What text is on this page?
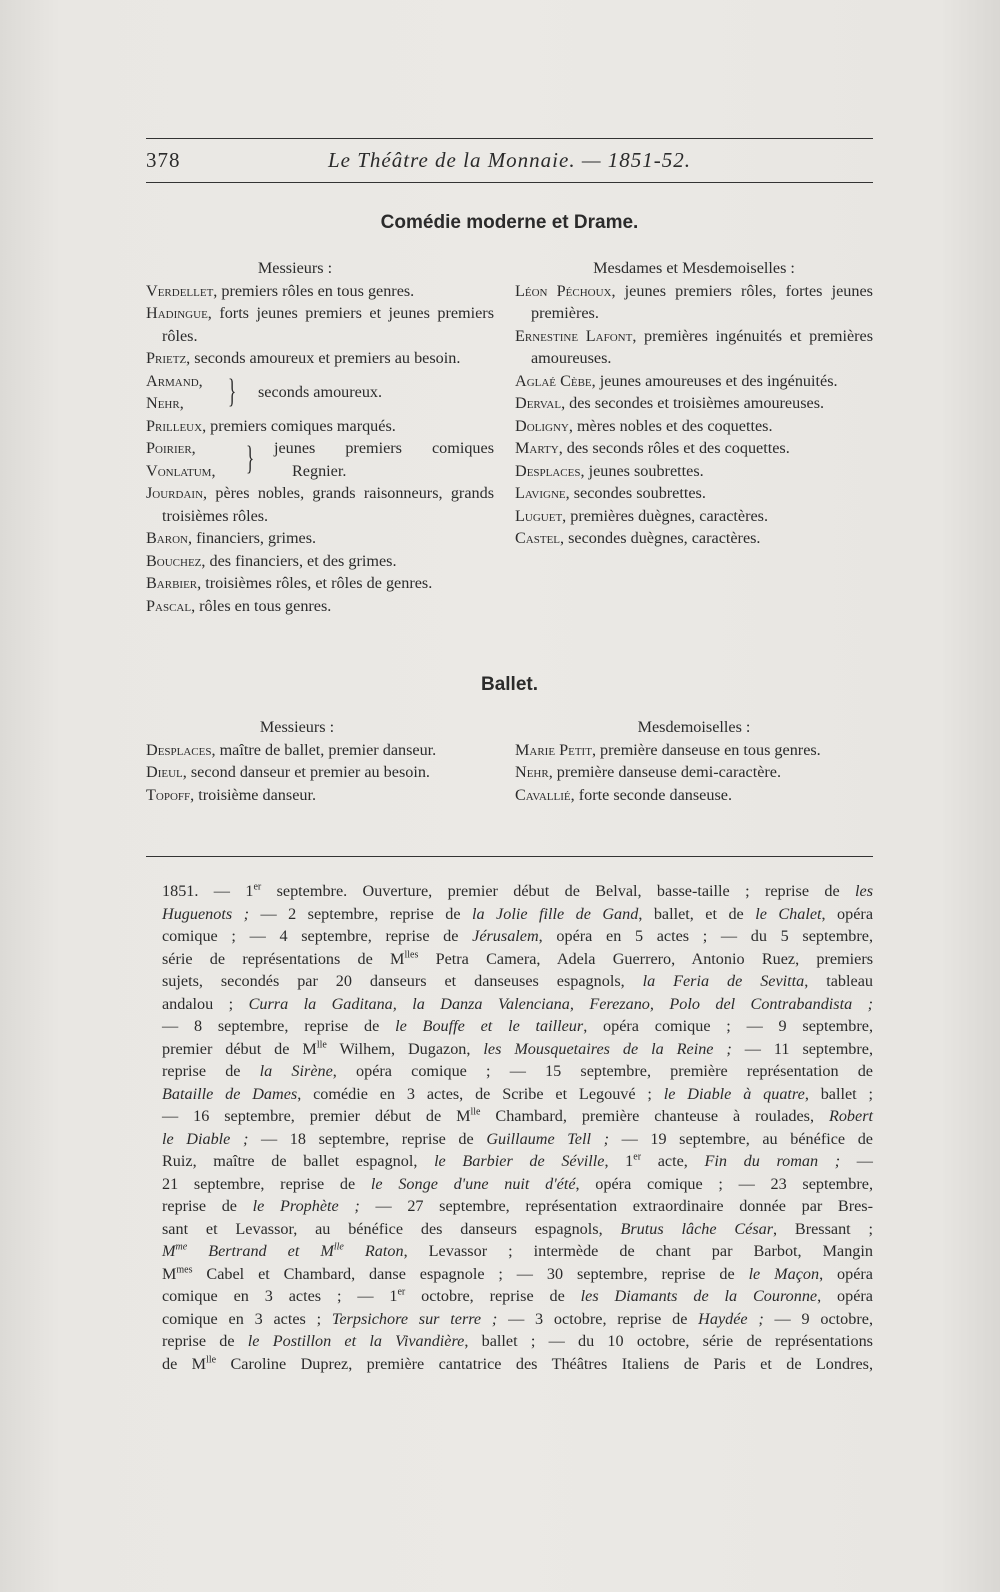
378	Le Théâtre de la Monnaie. — 1851-52.
Comédie moderne et Drame.
Messieurs :
Verdellet, premiers rôles en tous genres.
Hadingue, forts jeunes premiers et jeunes premiers rôles.
Prietz, seconds amoureux et premiers au besoin.
Armand,
Nehr, } seconds amoureux.
Prilleux, premiers comiques marqués.
Poirier,
Vonlatum, } jeunes premiers comiques
Regnier.
Jourdain, pères nobles, grands raisonneurs, grands troisièmes rôles.
Baron, financiers, grimes.
Bouchez, des financiers, et des grimes.
Barbier, troisièmes rôles, et rôles de genres.
Pascal, rôles en tous genres.
Mesdames et Mesdemoiselles :
Léon Péchoux, jeunes premiers rôles, fortes jeunes premières.
Ernestine Lafont, premières ingénuités et premières amoureuses.
Aglaé Cèbe, jeunes amoureuses et des ingénuités.
Derval, des secondes et troisièmes amoureuses.
Doligny, mères nobles et des coquettes.
Marty, des seconds rôles et des coquettes.
Desplaces, jeunes soubrettes.
Lavigne, secondes soubrettes.
Luguet, premières duègnes, caractères.
Castel, secondes duègnes, caractères.
Ballet.
Messieurs :
Desplaces, maître de ballet, premier danseur.
Dieul, second danseur et premier au besoin.
Topoff, troisième danseur.
Mesdemoiselles :
Marie Petit, première danseuse en tous genres.
Nehr, première danseuse demi-caractère.
Cavallié, forte seconde danseuse.
1851. — 1er septembre. Ouverture, premier début de Belval, basse-taille ; reprise de les
Huguenots ; — 2 septembre, reprise de la Jolie fille de Gand, ballet, et de le Chalet, opéra
comique ; — 4 septembre, reprise de Jérusalem, opéra en 5 actes ; — du 5 septembre,
série de représentations de $M^{lles}$ Petra Camera, Adela Guerrero, Antonio Ruez, premiers
sujets, secondés par 20 danseurs et danseuses espagnols, la Feria de Sevitta, tableau
andalou ; Curra la Gaditana, la Danza Valenciana, Ferezano, Polo del Contrabandista ;
— 8 septembre, reprise de le Bouffe et le tailleur, opéra comique ; — 9 septembre,
premier début de $M^{lle}$ Wilhem, Dugazon, les Mousquetaires de la Reine ; — 11 septembre,
reprise de la Sirène, opéra comique ; — 15 septembre, première représentation de
Bataille de Dames, comédie en 3 actes, de Scribe et Legouvé ; le Diable à quatre, ballet ;
— 16 septembre, premier début de $M^{lle}$ Chambard, première chanteuse à roulades, Robert
le Diable ; — 18 septembre, reprise de Guillaume Tell ; — 19 septembre, au bénéfice de
Ruiz, maître de ballet espagnol, le Barbier de Séville, 1er acte, Fin du roman ; —
21 septembre, reprise de le Songe d'une nuit d'été, opéra comique ; — 23 septembre,
reprise de le Prophète ; — 27 septembre, représentation extraordinaire donnée par Bres-
sant et Levassor, au bénéfice des danseurs espagnols, Brutus lâche César, Bressant ;
$M^{me}$ Bertrand et $M^{lle}$ Raton, Levassor ; intermède de chant par Barbot, Mangin
$M^{mes}$ Cabel et Chambard, danse espagnole ; — 30 septembre, reprise de le Maçon, opéra
comique en 3 actes ; — 1er octobre, reprise de les Diamants de la Couronne, opéra
comique en 3 actes ; Terpsichore sur terre ; — 3 octobre, reprise de Haydée ; — 9 octobre,
reprise de le Postillon et la Vivandière, ballet ; — du 10 octobre, série de représentations
de $M^{lle}$ Caroline Duprez, première cantatrice des Théâtres Italiens de Paris et de Londres,
